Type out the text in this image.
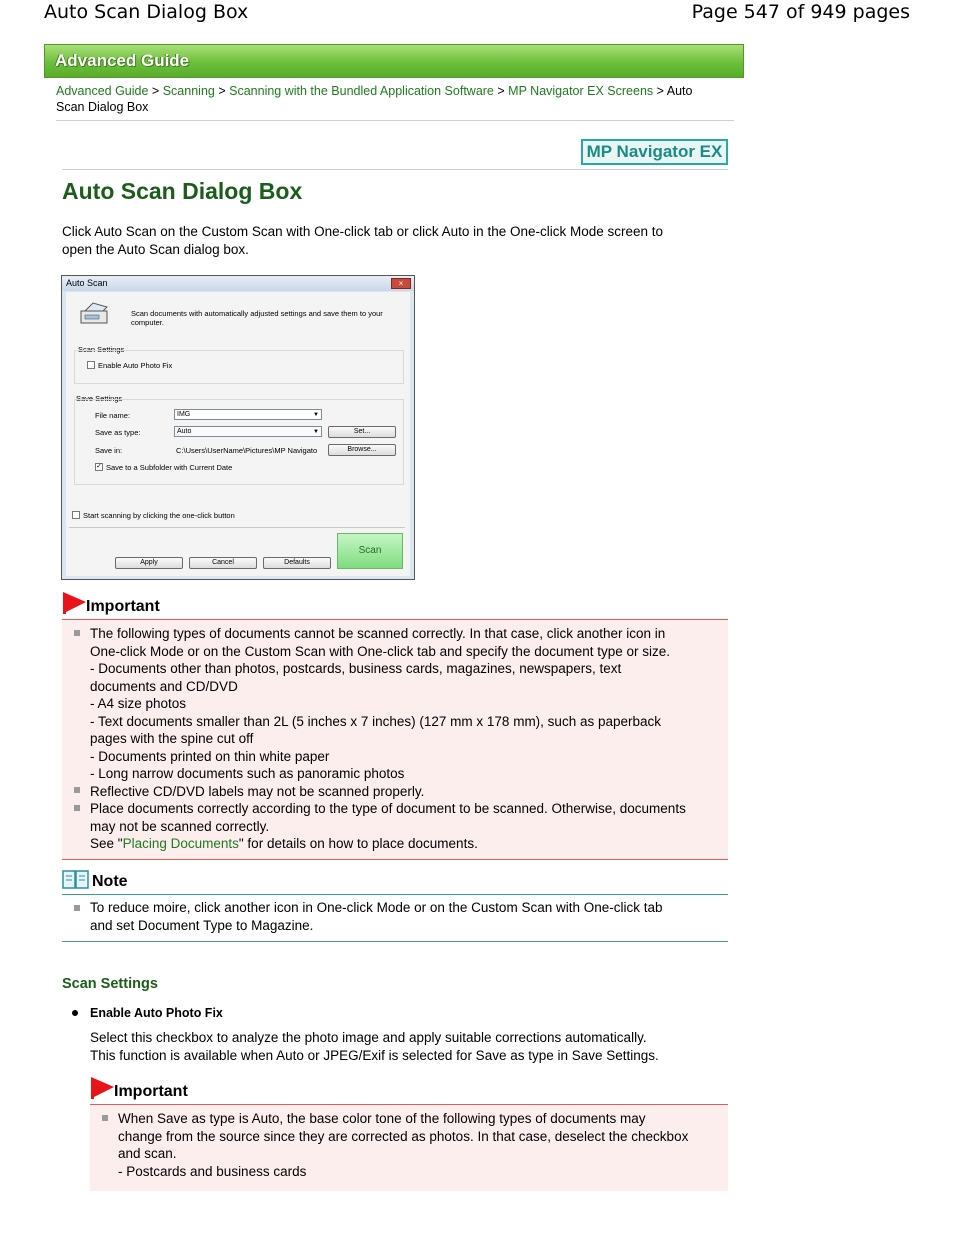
Auto Scan Dialog Box	Page 547 of 949 pages
Advanced Guide
Advanced Guide > Scanning > Scanning with the Bundled Application Software > MP Navigator EX Screens > Auto
Scan Dialog Box
MP Navigator EX
Auto Scan Dialog Box
Click Auto Scan on the Custom Scan with One-click tab or click Auto in the One-click Mode screen to
open the Auto Scan dialog box.
Auto Scan	×
Scan documents with automatically adjusted settings and save them to your
computer.
Scan Settings
Enable Auto Photo Fix
Save Settings
File name:	IMG	▼
Save as type:	Auto	▼	Set...
Save in:	C:\Users\UserName\Pictures\MP Navigato	Browse...
✓ Save to a Subfolder with Current Date
Start scanning by clicking the one-click button
Apply	Cancel	Defaults
Scan
Important
The following types of documents cannot be scanned correctly. In that case, click another icon in
One-click Mode or on the Custom Scan with One-click tab and specify the document type or size.
- Documents other than photos, postcards, business cards, magazines, newspapers, text
documents and CD/DVD
- A4 size photos
- Text documents smaller than 2L (5 inches x 7 inches) (127 mm x 178 mm), such as paperback
pages with the spine cut off
- Documents printed on thin white paper
- Long narrow documents such as panoramic photos
Reflective CD/DVD labels may not be scanned properly.
Place documents correctly according to the type of document to be scanned. Otherwise, documents
may not be scanned correctly.
See "Placing Documents" for details on how to place documents.
Note
To reduce moire, click another icon in One-click Mode or on the Custom Scan with One-click tab
and set Document Type to Magazine.
Scan Settings
Enable Auto Photo Fix
Select this checkbox to analyze the photo image and apply suitable corrections automatically.
This function is available when Auto or JPEG/Exif is selected for Save as type in Save Settings.
Important
When Save as type is Auto, the base color tone of the following types of documents may
change from the source since they are corrected as photos. In that case, deselect the checkbox
and scan.
- Postcards and business cards
